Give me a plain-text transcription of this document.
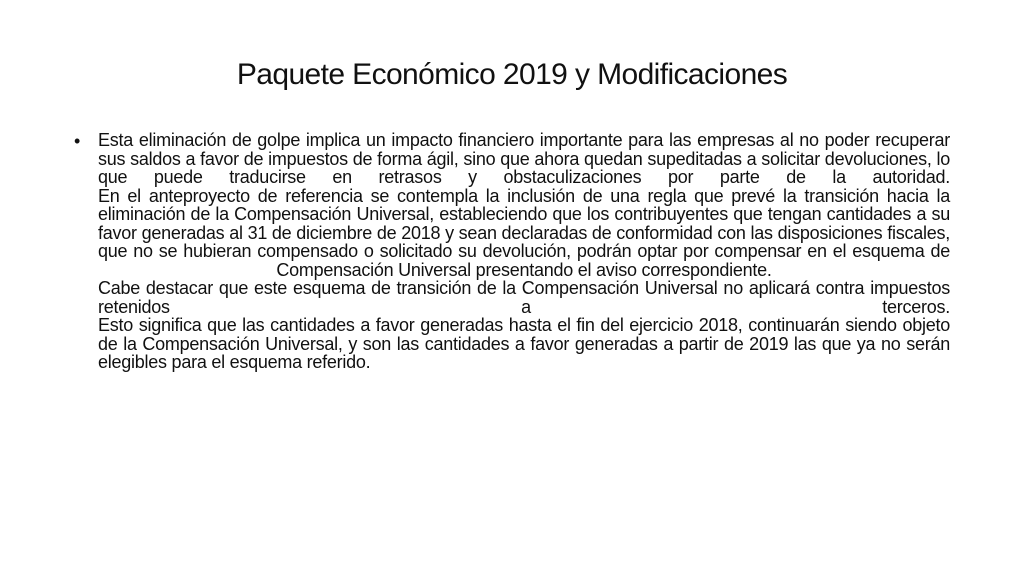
Paquete Económico 2019 y Modificaciones
• Esta eliminación de golpe implica un impacto financiero importante para las empresas al no poder recuperar sus saldos a favor de impuestos de forma ágil, sino que ahora quedan supeditadas a solicitar devoluciones, lo que puede traducirse en retrasos y obstaculizaciones por parte de la autoridad.

En el anteproyecto de referencia se contempla la inclusión de una regla que prevé la transición hacia la eliminación de la Compensación Universal, estableciendo que los contribuyentes que tengan cantidades a su favor generadas al 31 de diciembre de 2018 y sean declaradas de conformidad con las disposiciones fiscales, que no se hubieran compensado o solicitado su devolución, podrán optar por compensar en el esquema de Compensación Universal presentando el aviso correspondiente.

Cabe destacar que este esquema de transición de la Compensación Universal no aplicará contra impuestos retenidos a terceros.

Esto significa que las cantidades a favor generadas hasta el fin del ejercicio 2018, continuarán siendo objeto de la Compensación Universal, y son las cantidades a favor generadas a partir de 2019 las que ya no serán elegibles para el esquema referido.
